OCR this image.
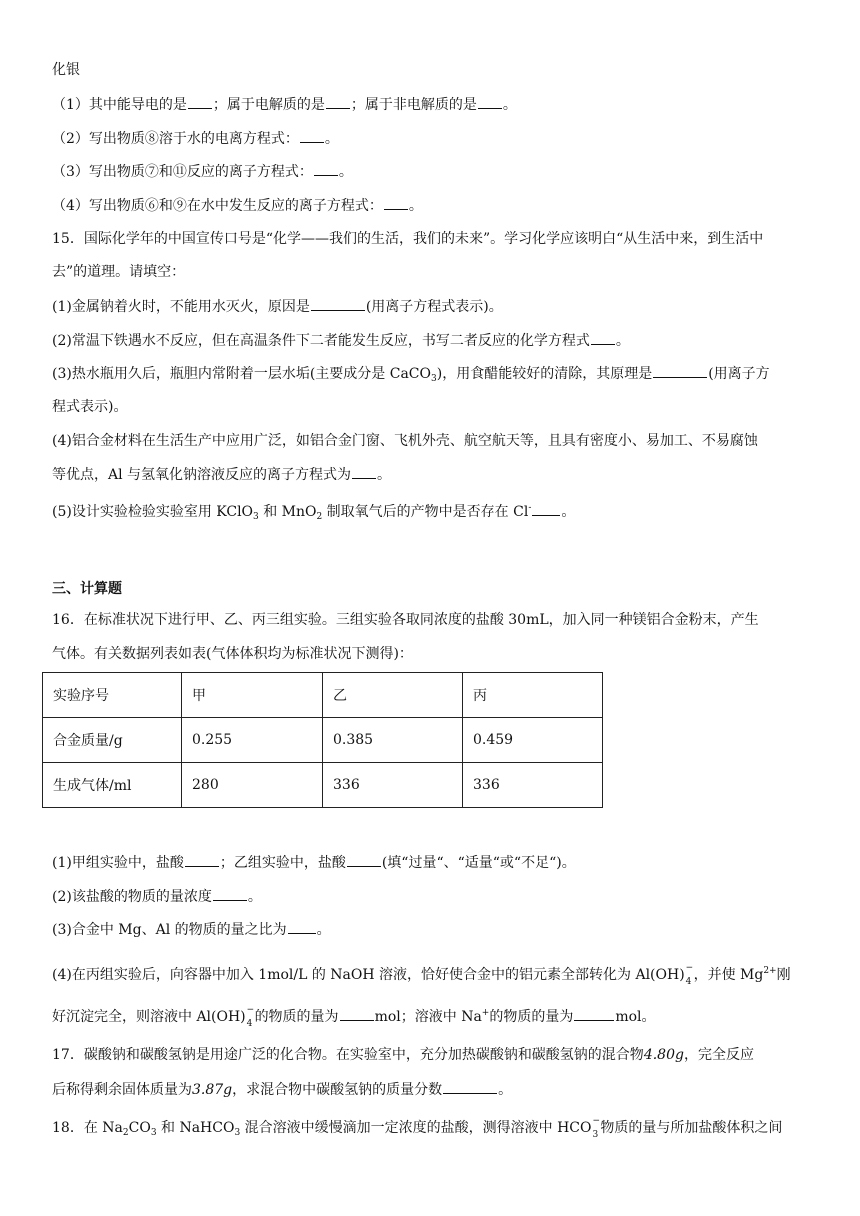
化银
（1）其中能导电的是 ；属于电解质的是 ；属于非电解质的是 。
（2）写出物质⑧溶于水的电离方程式： 。
（3）写出物质⑦和⑪反应的离子方程式： 。
（4）写出物质⑥和⑨在水中发生反应的离子方程式： 。
15．国际化学年的中国宣传口号是“化学——我们的生活，我们的未来”。学习化学应该明白“从生活中来，到生活中
去”的道理。请填空：
(1)金属钠着火时，不能用水灭火，原因是	(用离子方程式表示)。
(2)常温下铁遇水不反应，但在高温条件下二者能发生反应，书写二者反应的化学方程式 。
(3)热水瓶用久后，瓶胆内常附着一层水垢(主要成分是 CaCO$_3$)，用食醋能较好的清除，其原理是	(用离子方
程式表示)。
(4)铝合金材料在生活生产中应用广泛，如铝合金门窗、飞机外壳、航空航天等，且具有密度小、易加工、不易腐蚀
等优点，Al 与氢氧化钠溶液反应的离子方程式为 。
(5)设计实验检验实验室用 KClO$_3$ 和 MnO$_2$ 制取氧气后的产物中是否存在 Cl- 。
三、计算题
16．在标准状况下进行甲、乙、丙三组实验。三组实验各取同浓度的盐酸 30mL，加入同一种镁铝合金粉末，产生
气体。有关数据列表如表(气体体积均为标准状况下测得)：
实验序号	甲	乙	丙
合金质量/g	0.255	0.385	0.459
生成气体/ml	280	336	336
(1)甲组实验中，盐酸	；乙组实验中，盐酸	(填“过量“、“适量“或“不足“)。
(2)该盐酸的物质的量浓度	。
(3)合金中 Mg、Al 的物质的量之比为 。
(4)在丙组实验后，向容器中加入 1mol/L 的 NaOH 溶液，恰好使合金中的铝元素全部转化为 Al(OH) −
4 ，并使 $Mg^{2+}$刚
好沉淀完全，则溶液中 Al(OH) −
4 的物质的量为	mol；溶液中 Na+的物质的量为	mol。
17．碳酸钠和碳酸氢钠是用途广泛的化合物。在实验室中，充分加热碳酸钠和碳酸氢钠的混合物4.80g，完全反应
后称得剩余固体质量为3.87g，求混合物中碳酸氢钠的质量分数	。
18．在 $Na_2CO_3$ 和 NaHCO$_3$ 混合溶液中缓慢滴加一定浓度的盐酸，测得溶液中 HCO −
3 物质的量与所加盐酸体积之间
